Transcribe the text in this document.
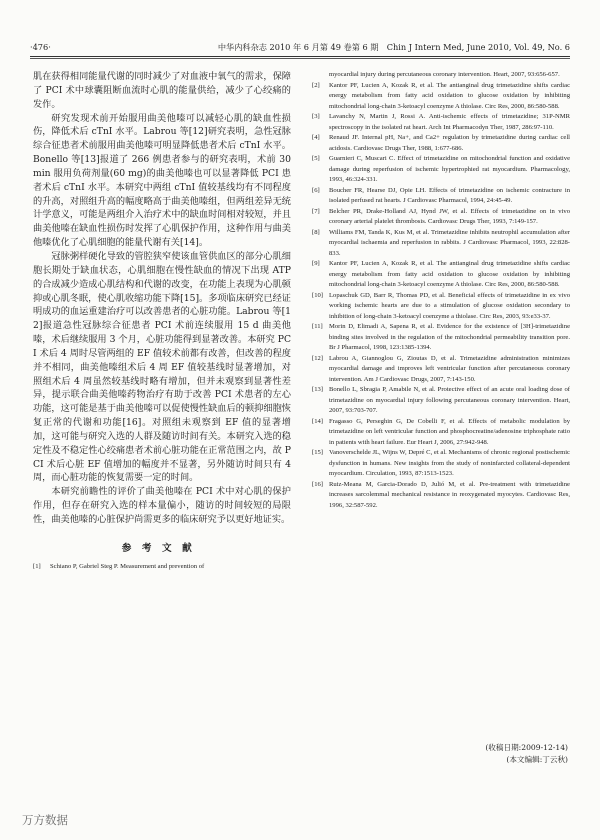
·476·	中华内科杂志 2010 年 6 月第 49 卷第 6 期　Chin J Intern Med, June 2010, Vol. 49, No. 6

肌在获得相同能量代谢的同时减少了对血液中氧气的需求，保障了 PCI 术中球囊阻断血流时心肌的能量供给，减少了心绞痛的发作。

研究发现术前开始服用曲美他嗪可以减轻心肌的缺血性损伤，降低术后 cTnI 水平。Labrou 等[12]研究表明，急性冠脉综合征患者术前服用曲美他嗪可明显降低患者术后 cTnI 水平。Bonello 等[13]报道了 266 例患者参与的研究表明，术前 30 min 服用负荷剂量(60 mg)的曲美他嗪也可以显著降低 PCI 患者术后 cTnI 水平。本研究中两组 cTnI 值较基线均有不同程度的升高，对照组升高的幅度略高于曲美他嗪组，但两组差异无统计学意义，可能是两组介入治疗术中的缺血时间相对较短，并且曲美他嗪在缺血性损伤时发挥了心肌保护作用，这种作用与曲美他嗪优化了心肌细胞的能量代谢有关[14]。

冠脉粥样硬化导致的管腔狭窄使该血管供血区的部分心肌细胞长期处于缺血状态，心肌细胞在慢性缺血的情况下出现 ATP 的合成减少造成心肌结构和代谢的改变，在功能上表现为心肌顿抑或心肌冬眠，使心肌收缩功能下降[15]。多项临床研究已经证明成功的血运重建治疗可以改善患者的心脏功能。Labrou 等[12]报道急性冠脉综合征患者 PCI 术前连续服用 15 d 曲美他嗪，术后继续服用 3 个月，心脏功能得到显著改善。本研究 PCI 术后 4 周时尽管两组的 EF 值较术前都有改善，但改善的程度并不相同，曲美他嗪组术后 4 周 EF 值较基线时显著增加，对照组术后 4 周虽然较基线时略有增加，但并未观察到显著性差异，提示联合曲美他嗪药物治疗有助于改善 PCI 术患者的左心功能，这可能是基于曲美他嗪可以促使慢性缺血后的顿抑细胞恢复正常的代谢和功能[16]。对照组未观察到 EF 值的显著增加，这可能与研究入选的人群及随访时间有关。本研究入选的稳定性及不稳定性心绞痛患者术前心脏功能在正常范围之内，故 PCI 术后心脏 EF 值增加的幅度并不显著，另外随访时间只有 4 周，而心脏功能的恢复需要一定的时间。

本研究前瞻性的评价了曲美他嗪在 PCI 术中对心肌的保护作用，但存在研究入选的样本量偏小，随访的时间较短的局限性，曲美他嗪的心脏保护尚需更多的临床研究予以更好地证实。

参考文献
[1]	Schiano P, Gabriel Steg P. Measurement and prevention of
myocardial injury during percutaneous coronary intervention. Heart, 2007, 93:656-657.
[2]	Kantor PF, Lucien A, Kozak R, et al. The antianginal drug trimetazidine shifts cardiac energy metabolism from fatty acid oxidation to glucose oxidation by inhibiting mitochondrial long-chain 3-ketoacyl coenzyme A thiolase. Circ Res, 2000, 86:580-588.
[3]	Lavanchy N, Martin J, Rossi A. Anti-ischemic effects of trimetazidine; 31P-NMR spectroscopy in the isolated rat heart. Arch Int Pharmacodyn Ther, 1987, 286:97-110.
[4]	Renaud JF. Internal pH, Na+, and Ca2+ regulation by trimetazidine during cardiac cell acidosis. Cardiovasc Drugs Ther, 1988, 1:677-686.
[5]	Guarnieri C, Muscari C. Effect of trimetazidine on mitochondrial function and oxidative damage during reperfusion of ischemic hypertrophied rat myocardium. Pharmacology, 1993, 46:324-331.
[6]	Boucher FR, Hearse DJ, Opie LH. Effects of trimetazidine on ischemic contracture in isolated perfused rat hearts. J Cardiovasc Pharmacol, 1994, 24:45-49.
[7]	Belcher PR, Drake-Holland AJ, Hynd JW, et al. Effects of trimetazidine on in vivo coronary arterial platelet thrombosis. Cardiovasc Drugs Ther, 1993, 7:149-157.
[8]	Williams FM, Tanda K, Kus M, et al. Trimetazidine inhibits neutrophil accumulation after myocardial ischaemia and reperfusion in rabbits. J Cardiovasc Pharmacol, 1993, 22:828-833.
[9]	Kantor PF, Lucien A, Kozak R, et al. The antianginal drug trimetazidine shifts cardiac energy metabolism from fatty acid oxidation to glucose oxidation by inhibiting mitochondrial long-chain 3-ketoacyl coenzyme A thiolase. Circ Res, 2000, 86:580-588.
[10] Lopaschuk GD, Barr R, Thomas PD, et al. Beneficial effects of trimetazidine in ex vivo working ischemic hearts are due to a stimulation of glucose oxidation secondary to inhibition of long-chain 3-ketoacyl coenzyme a thiolase. Circ Res, 2003, 93:e33-37.
[11] Morin D, Elimadi A, Sapena R, et al. Evidence for the existence of [3H]-trimetazidine binding sites involved in the regulation of the mitochondrial permeability transition pore. Br J Pharmacol, 1998, 123:1385-1394.
[12] Labrou A, Giannoglou G, Zioutas D, et al. Trimetazidine administration minimizes myocardial damage and improves left ventricular function after percutaneous coronary intervention. Am J Cardiovasc Drugs, 2007, 7:143-150.
[13] Bonello L, Sbragia P, Amabile N, et al. Protective effect of an acute oral loading dose of trimetazidine on myocardial injury following percutaneous coronary intervention. Heart, 2007, 93:703-707.
[14] Fragasso G, Perseghin G, De Cobelli F, et al. Effects of metabolic modulation by trimetazidine on left ventricular function and phosphocreatine/adenosine triphosphate ratio in patients with heart failure. Eur Heart J, 2006, 27:942-948.
[15] Vanoverschelde JL, Wijns W, Depré C, et al. Mechanisms of chronic regional postischemic dysfunction in humans. New insights from the study of noninfarcted collateral-dependent myocardium. Circulation, 1993, 87:1513-1523.
[16] Ruiz-Meana M, Garcia-Dorado D, Julió M, et al. Pre-treatment with trimetazidine increases sarcolemmal mechanical resistance in reoxygenated myocytes. Cardiovasc Res, 1996, 32:587-592.
(收稿日期:2009-12-14)
(本文编辑:丁云秋)
万方数据
